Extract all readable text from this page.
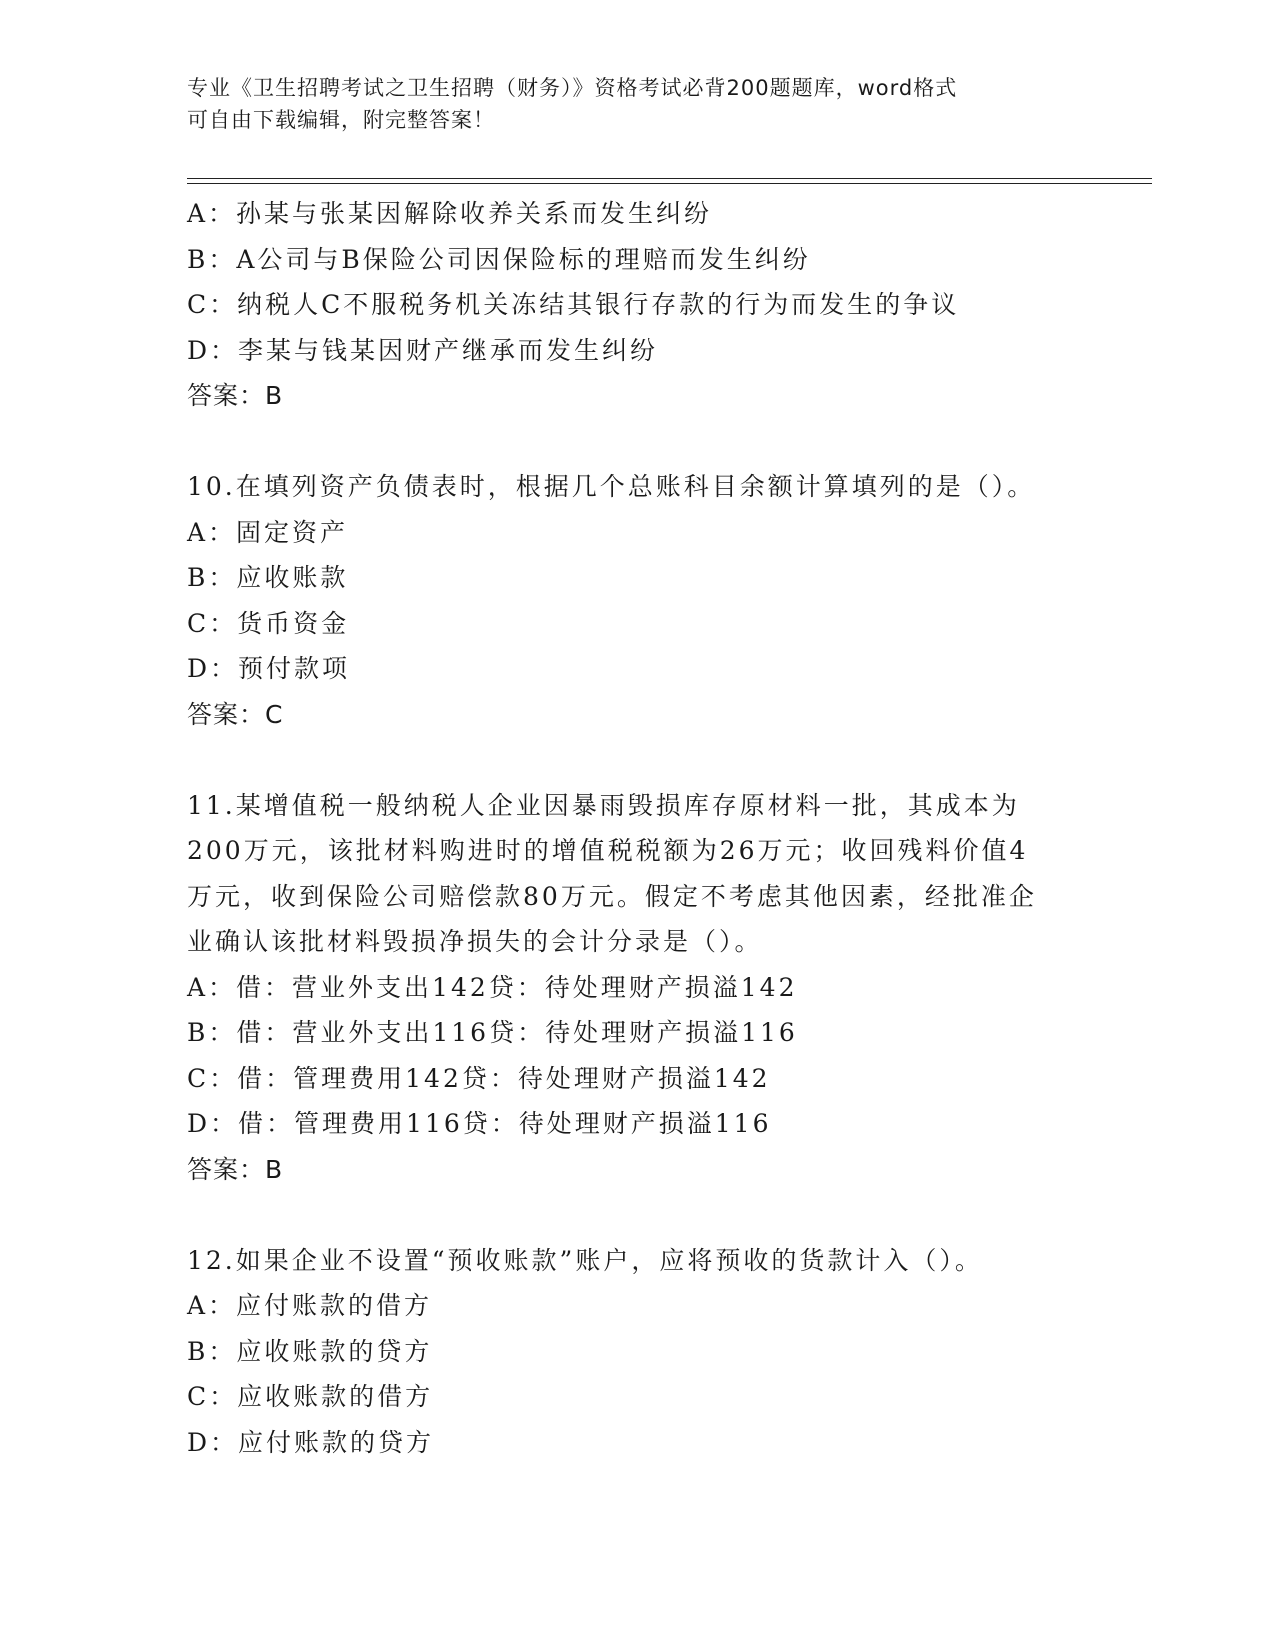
专业《卫生招聘考试之卫生招聘（财务）》资格考试必背200题题库，word格式
可自由下载编辑，附完整答案！
A：孙某与张某因解除收养关系而发生纠纷
B：A公司与B保险公司因保险标的理赔而发生纠纷
C：纳税人C不服税务机关冻结其银行存款的行为而发生的争议
D：李某与钱某因财产继承而发生纠纷
答案：B
10.在填列资产负债表时，根据几个总账科目余额计算填列的是（）。
A：固定资产
B：应收账款
C：货币资金
D：预付款项
答案：C
11.某增值税一般纳税人企业因暴雨毁损库存原材料一批，其成本为
200万元，该批材料购进时的增值税税额为26万元；收回残料价值4
万元，收到保险公司赔偿款80万元。假定不考虑其他因素，经批准企
业确认该批材料毁损净损失的会计分录是（）。
A：借：营业外支出142贷：待处理财产损溢142
B：借：营业外支出116贷：待处理财产损溢116
C：借：管理费用142贷：待处理财产损溢142
D：借：管理费用116贷：待处理财产损溢116
答案：B
12.如果企业不设置“预收账款”账户，应将预收的货款计入（）。
A：应付账款的借方
B：应收账款的贷方
C：应收账款的借方
D：应付账款的贷方
